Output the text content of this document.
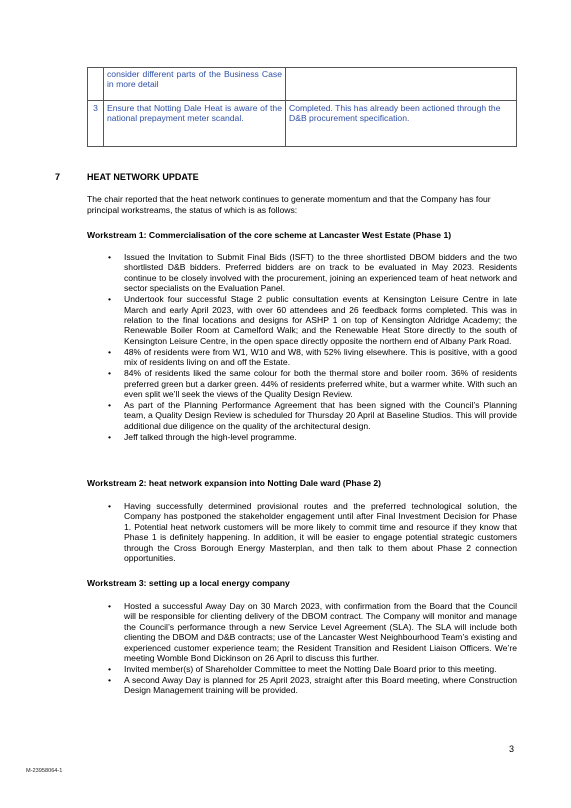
	consider different parts of the Business Case in more detail	
3	Ensure that Notting Dale Heat is aware of the national prepayment meter scandal.	Completed. This has already been actioned through the D&B procurement specification.
7	HEAT NETWORK UPDATE
The chair reported that the heat network continues to generate momentum and that the Company has four principal workstreams, the status of which is as follows:
Workstream 1: Commercialisation of the core scheme at Lancaster West Estate (Phase 1)
• Issued the Invitation to Submit Final Bids (ISFT) to the three shortlisted DBOM bidders and the two shortlisted D&B bidders. Preferred bidders are on track to be evaluated in May 2023. Residents continue to be closely involved with the procurement, joining an experienced team of heat network and sector specialists on the Evaluation Panel.
• Undertook four successful Stage 2 public consultation events at Kensington Leisure Centre in late March and early April 2023, with over 60 attendees and 26 feedback forms completed. This was in relation to the final locations and designs for ASHP 1 on top of Kensington Aldridge Academy; the Renewable Boiler Room at Camelford Walk; and the Renewable Heat Store directly to the south of Kensington Leisure Centre, in the open space directly opposite the northern end of Albany Park Road.
• 48% of residents were from W1, W10 and W8, with 52% living elsewhere. This is positive, with a good mix of residents living on and off the Estate.
• 84% of residents liked the same colour for both the thermal store and boiler room. 36% of residents preferred green but a darker green. 44% of residents preferred white, but a warmer white. With such an even split we’ll seek the views of the Quality Design Review.
• As part of the Planning Performance Agreement that has been signed with the Council’s Planning team, a Quality Design Review is scheduled for Thursday 20 April at Baseline Studios. This will provide additional due diligence on the quality of the architectural design.
• Jeff talked through the high-level programme.
Workstream 2: heat network expansion into Notting Dale ward (Phase 2)
• Having successfully determined provisional routes and the preferred technological solution, the Company has postponed the stakeholder engagement until after Final Investment Decision for Phase 1. Potential heat network customers will be more likely to commit time and resource if they know that Phase 1 is definitely happening. In addition, it will be easier to engage potential strategic customers through the Cross Borough Energy Masterplan, and then talk to them about Phase 2 connection opportunities.
Workstream 3: setting up a local energy company
• Hosted a successful Away Day on 30 March 2023, with confirmation from the Board that the Council will be responsible for clienting delivery of the DBOM contract. The Company will monitor and manage the Council’s performance through a new Service Level Agreement (SLA). The SLA will include both clienting the DBOM and D&B contracts; use of the Lancaster West Neighbourhood Team’s existing and experienced customer experience team; the Resident Transition and Resident Liaison Officers. We’re meeting Womble Bond Dickinson on 26 April to discuss this further.
• Invited member(s) of Shareholder Committee to meet the Notting Dale Board prior to this meeting.
• A second Away Day is planned for 25 April 2023, straight after this Board meeting, where Construction Design Management training will be provided.
3
M-23958064-1
